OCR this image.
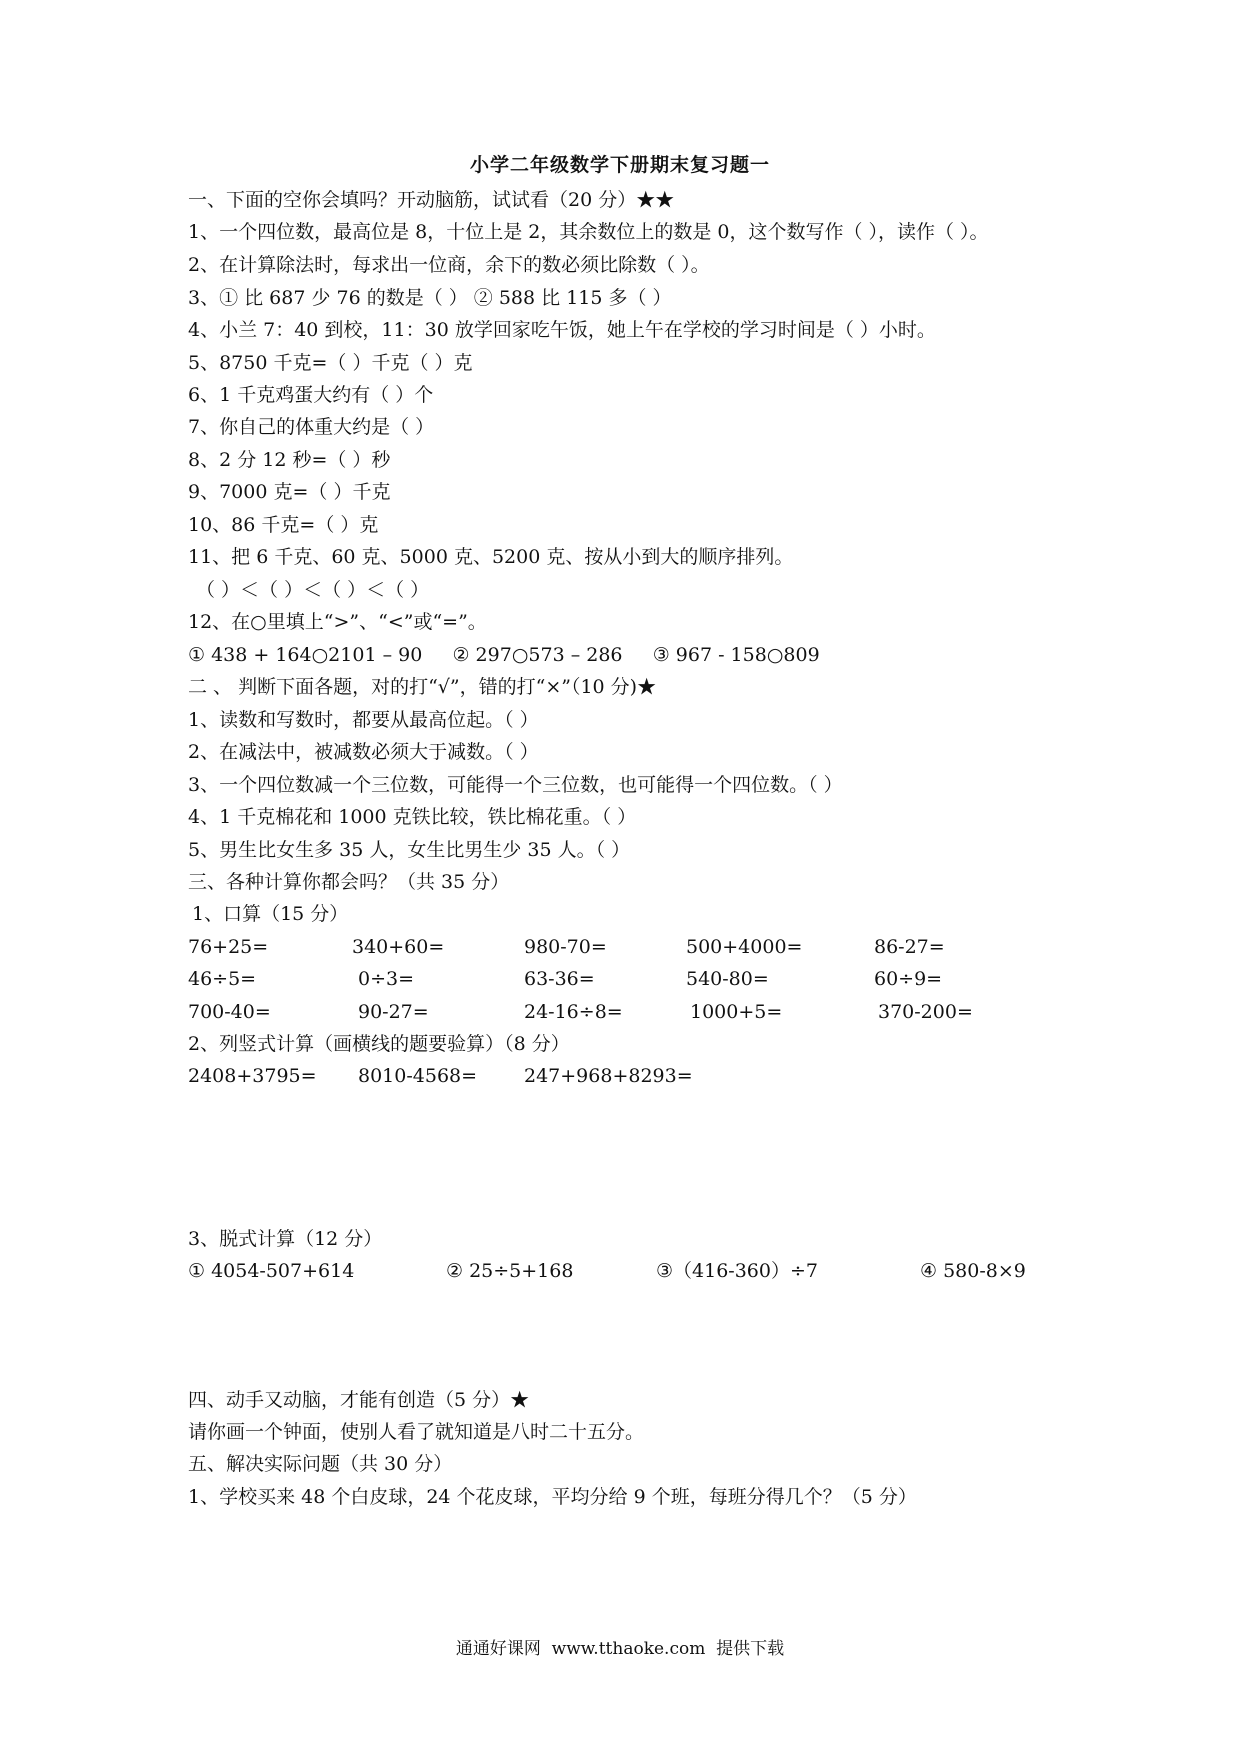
小学二年级数学下册期末复习题一
一、下面的空你会填吗？开动脑筋，试试看（20 分）★★
1、一个四位数，最高位是 8，十位上是 2，其余数位上的数是 0，这个数写作（ ），读作（ ）。
2、在计算除法时，每求出一位商，余下的数必须比除数（ ）。
3、① 比 687 少 76 的数是（ ） ② 588 比 115 多（ ）
4、小兰 7：40 到校，11：30 放学回家吃午饭，她上午在学校的学习时间是（ ）小时。
5、8750 千克=（ ）千克（ ）克
6、1 千克鸡蛋大约有（ ）个
7、你自己的体重大约是（ ）
8、2 分 12 秒=（ ）秒
9、7000 克=（ ）千克
10、86 千克=（ ）克
11、把 6 千克、60 克、5000 克、5200 克、按从小到大的顺序排列。
（ ）＜（ ）＜（ ）＜（ ）
12、在○里填上“>”、“<”或“=”。
① 438 + 164○2101 – 90     ② 297○573 – 286     ③ 967 - 158○809
二 、 判断下面各题，对的打“√”，错的打“×”（10 分)★
1、读数和写数时，都要从最高位起。（ ）
2、在减法中，被减数必须大于减数。（ ）
3、一个四位数减一个三位数，可能得一个三位数，也可能得一个四位数。（ ）
4、1 千克棉花和 1000 克铁比较，铁比棉花重。（ ）
5、男生比女生多 35 人，女生比男生少 35 人。（ ）
三、各种计算你都会吗？（共 35 分）
1、口算（15 分）
76+25=	340+60=	980-70=	500+4000=	86-27=
46÷5=	0÷3=	63-36=	540-80=	60÷9=
700-40=	90-27=	24-16÷8=	1000+5=	370-200=
2、列竖式计算（画横线的题要验算）（8 分）
2408+3795= 8010-4568= 247+968+8293=
3、脱式计算（12 分）
① 4054-507+614	② 25÷5+168	③（416-360）÷7	④ 580-8×9
四、动手又动脑，才能有创造（5 分）★
请你画一个钟面，使别人看了就知道是八时二十五分。
五、解决实际问题（共 30 分）
1、学校买来 48 个白皮球，24 个花皮球，平均分给 9 个班，每班分得几个？（5 分）
通通好课网  www.tthaoke.com  提供下载
